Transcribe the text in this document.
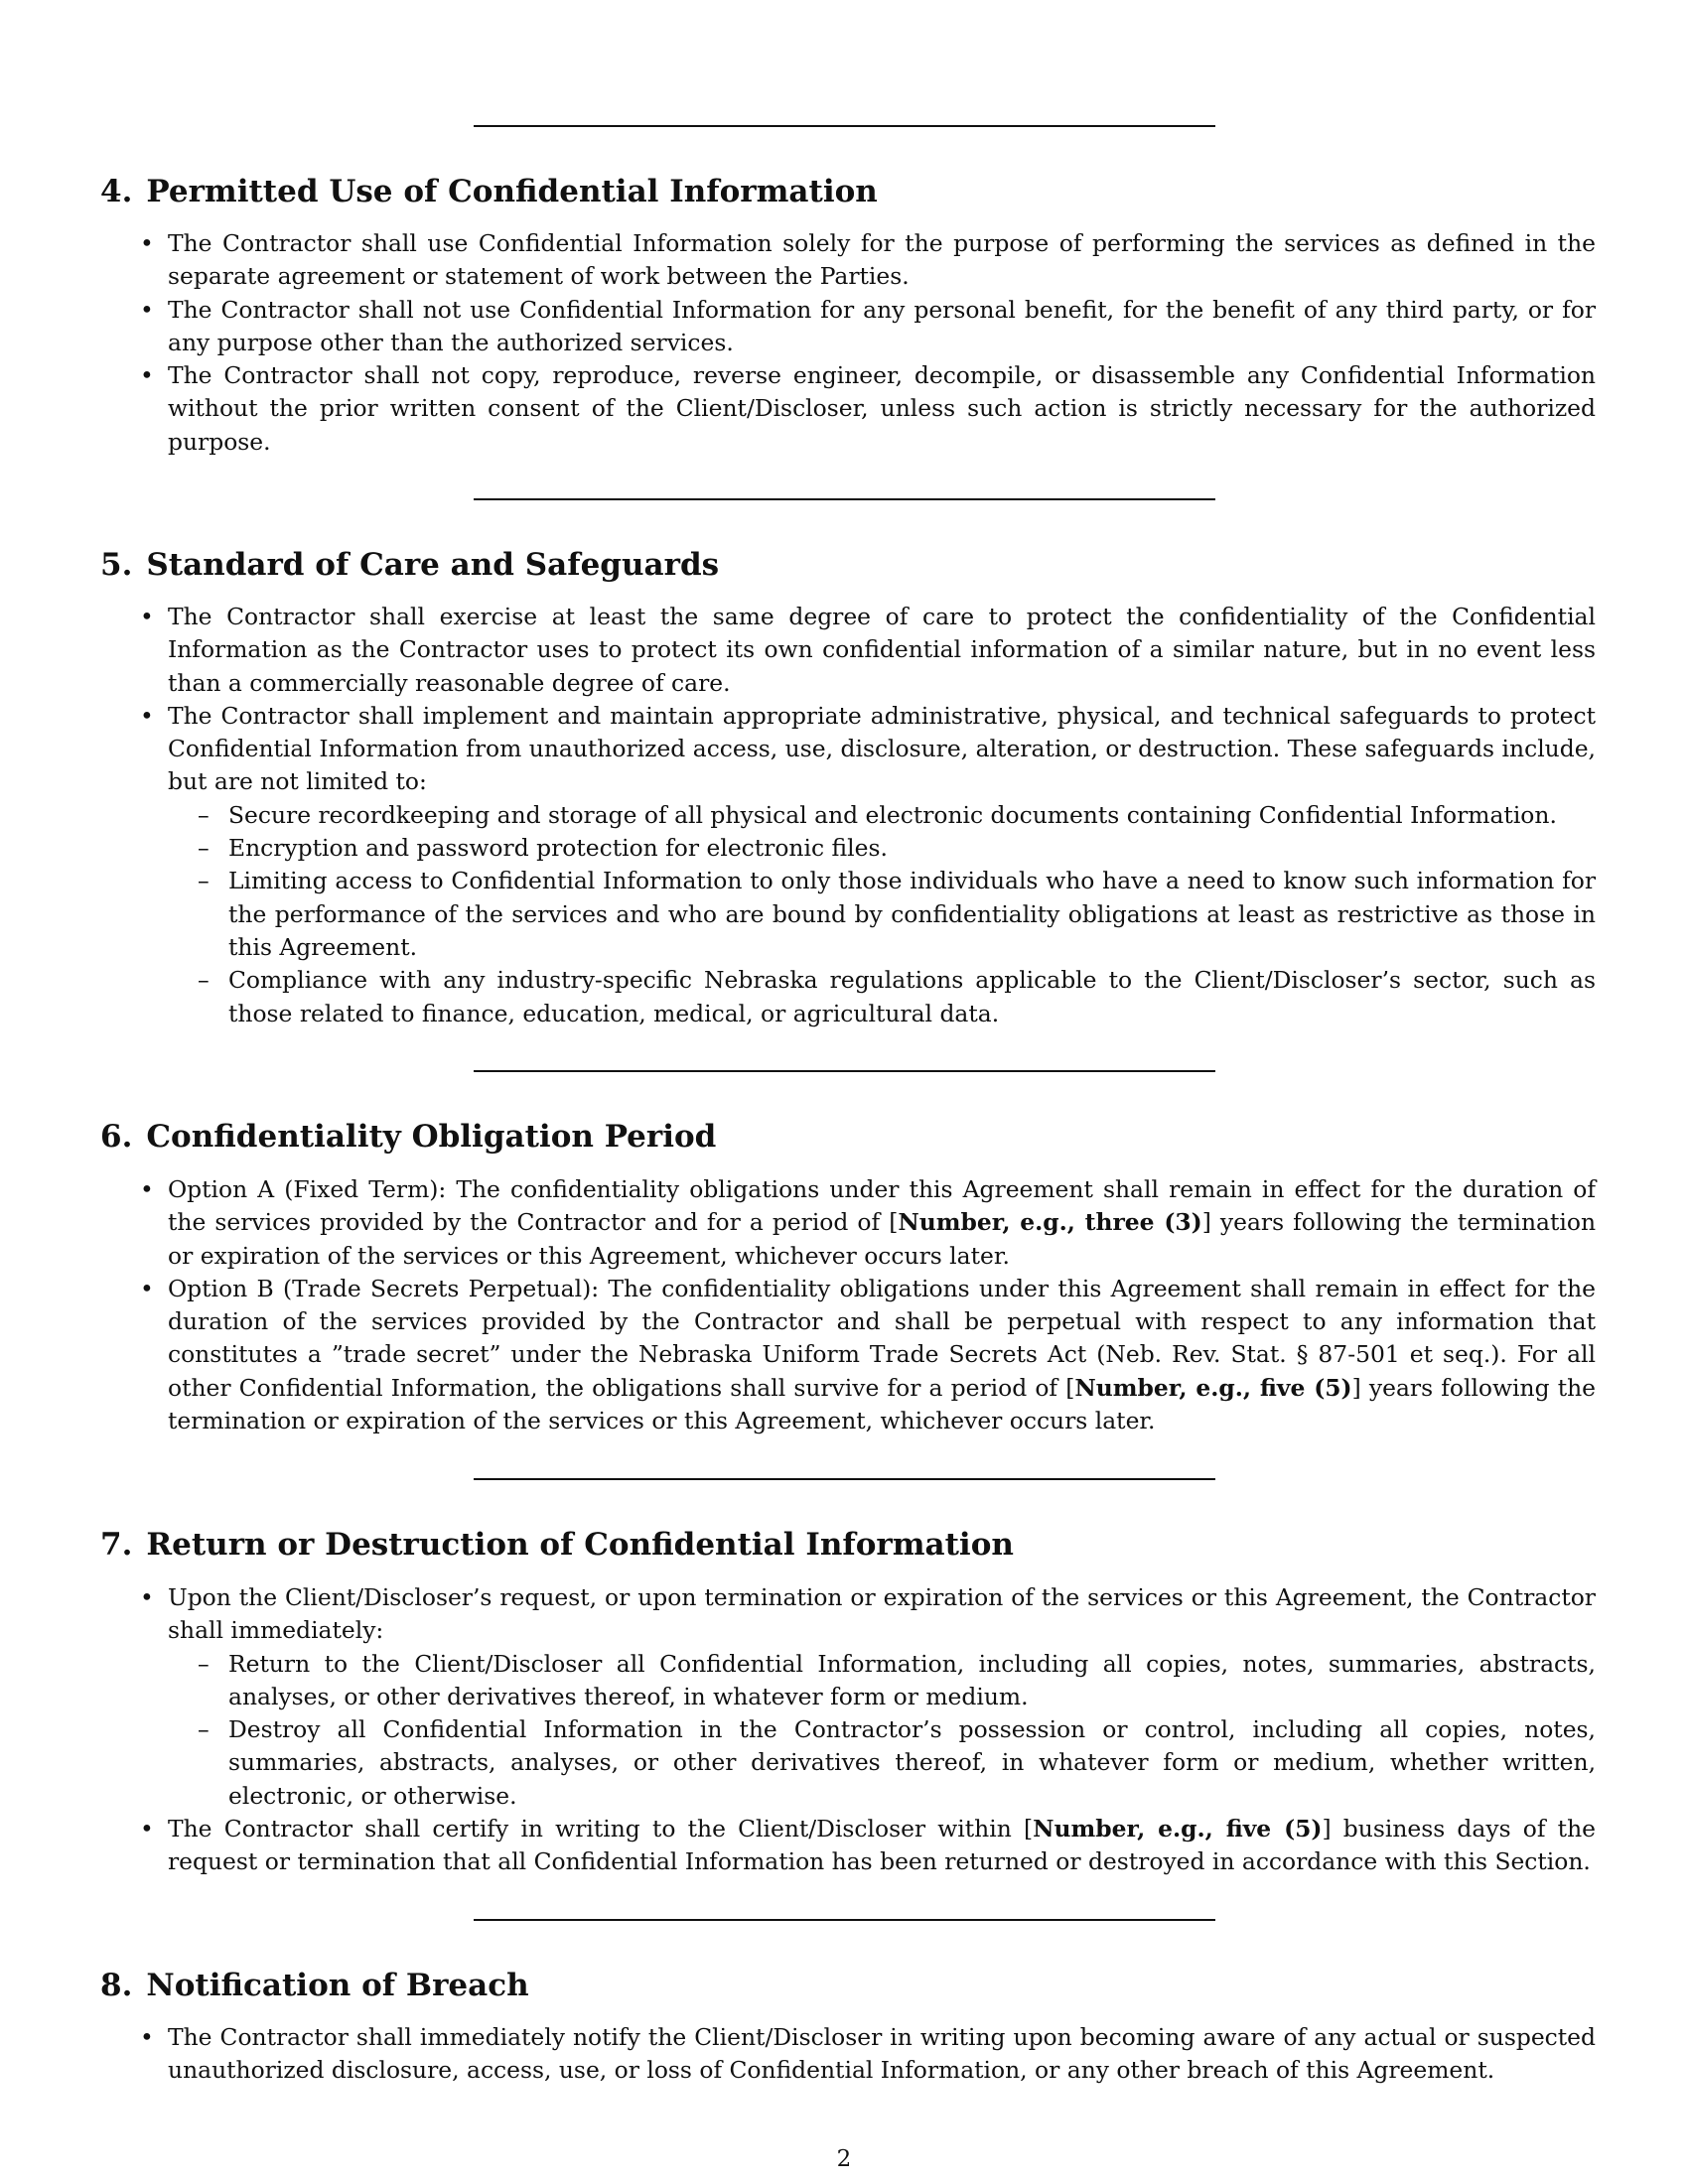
4. Permitted Use of Confidential Information
• The Contractor shall use Confidential Information solely for the purpose of performing the services as defined in the separate agreement or statement of work between the Parties.
• The Contractor shall not use Confidential Information for any personal benefit, for the benefit of any third party, or for any purpose other than the authorized services.
• The Contractor shall not copy, reproduce, reverse engineer, decompile, or disassemble any Confidential Information without the prior written consent of the Client/Discloser, unless such action is strictly necessary for the authorized purpose.
5. Standard of Care and Safeguards
• The Contractor shall exercise at least the same degree of care to protect the confidentiality of the Confidential Information as the Contractor uses to protect its own confidential information of a similar nature, but in no event less than a commercially reasonable degree of care.
• The Contractor shall implement and maintain appropriate administrative, physical, and technical safeguards to protect Confidential Information from unauthorized access, use, disclosure, alteration, or destruction. These safeguards include, but are not limited to:
– Secure recordkeeping and storage of all physical and electronic documents containing Confidential Information.
– Encryption and password protection for electronic files.
– Limiting access to Confidential Information to only those individuals who have a need to know such information for the performance of the services and who are bound by confidentiality obligations at least as restrictive as those in this Agreement.
– Compliance with any industry-specific Nebraska regulations applicable to the Client/Discloser’s sector, such as those related to finance, education, medical, or agricultural data.
6. Confidentiality Obligation Period
• Option A (Fixed Term): The confidentiality obligations under this Agreement shall remain in effect for the duration of the services provided by the Contractor and for a period of [Number, e.g., three (3)] years following the termination or expiration of the services or this Agreement, whichever occurs later.
• Option B (Trade Secrets Perpetual): The confidentiality obligations under this Agreement shall remain in effect for the duration of the services provided by the Contractor and shall be perpetual with respect to any information that constitutes a ”trade secret” under the Nebraska Uniform Trade Secrets Act (Neb. Rev. Stat. § 87-501 et seq.). For all other Confidential Information, the obligations shall survive for a period of [Number, e.g., five (5)] years following the termination or expiration of the services or this Agreement, whichever occurs later.
7. Return or Destruction of Confidential Information
• Upon the Client/Discloser’s request, or upon termination or expiration of the services or this Agreement, the Contractor shall immediately:
– Return to the Client/Discloser all Confidential Information, including all copies, notes, summaries, abstracts, analyses, or other derivatives thereof, in whatever form or medium.
– Destroy all Confidential Information in the Contractor’s possession or control, including all copies, notes, summaries, abstracts, analyses, or other derivatives thereof, in whatever form or medium, whether written, electronic, or otherwise.
• The Contractor shall certify in writing to the Client/Discloser within [Number, e.g., five (5)] business days of the request or termination that all Confidential Information has been returned or destroyed in accordance with this Section.
8. Notification of Breach
• The Contractor shall immediately notify the Client/Discloser in writing upon becoming aware of any actual or suspected unauthorized disclosure, access, use, or loss of Confidential Information, or any other breach of this Agreement.
2
